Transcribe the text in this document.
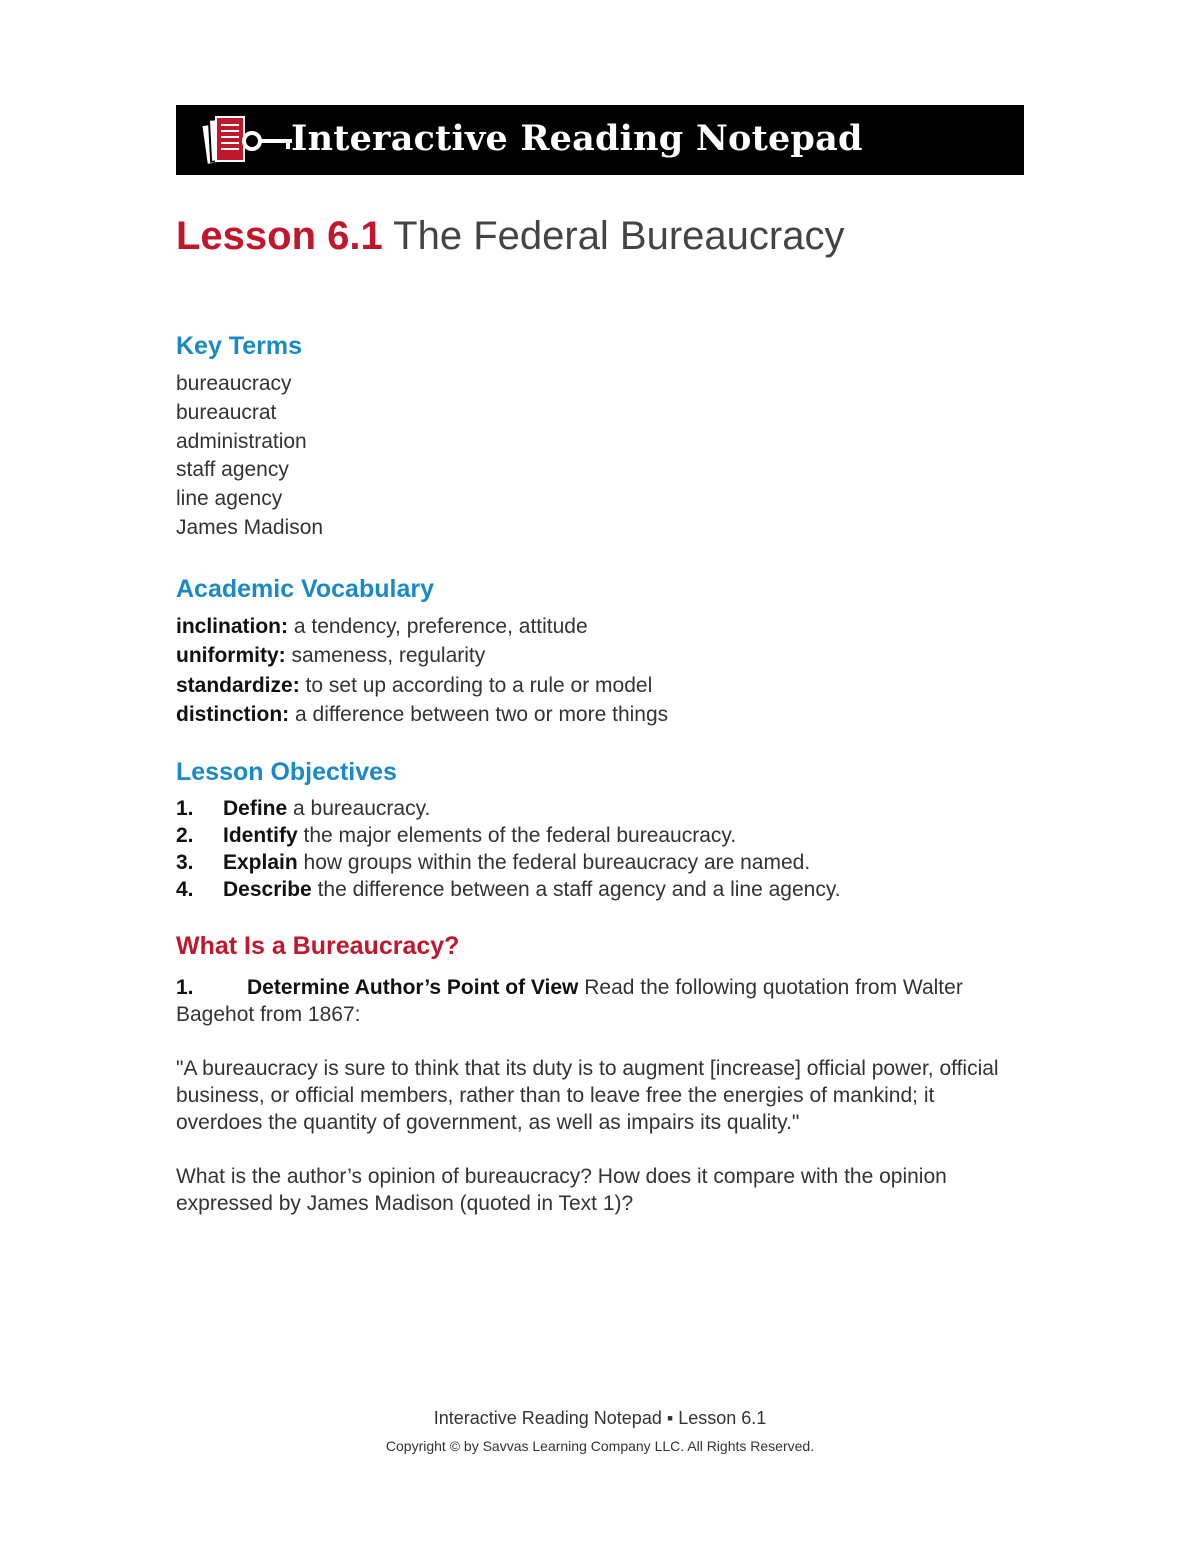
Interactive Reading Notepad
Lesson 6.1 The Federal Bureaucracy
Key Terms
bureaucracy
bureaucrat
administration
staff agency
line agency
James Madison
Academic Vocabulary
inclination: a tendency, preference, attitude
uniformity: sameness, regularity
standardize: to set up according to a rule or model
distinction: a difference between two or more things
Lesson Objectives
1. Define a bureaucracy.
2. Identify the major elements of the federal bureaucracy.
3. Explain how groups within the federal bureaucracy are named.
4. Describe the difference between a staff agency and a line agency.
What Is a Bureaucracy?

1.	Determine Author’s Point of View Read the following quotation from Walter Bagehot from 1867:

"A bureaucracy is sure to think that its duty is to augment [increase] official power, official business, or official members, rather than to leave free the energies of mankind; it overdoes the quantity of government, as well as impairs its quality."

What is the author’s opinion of bureaucracy? How does it compare with the opinion expressed by James Madison (quoted in Text 1)?

Interactive Reading Notepad ▪ Lesson 6.1
Copyright © by Savvas Learning Company LLC. All Rights Reserved.
